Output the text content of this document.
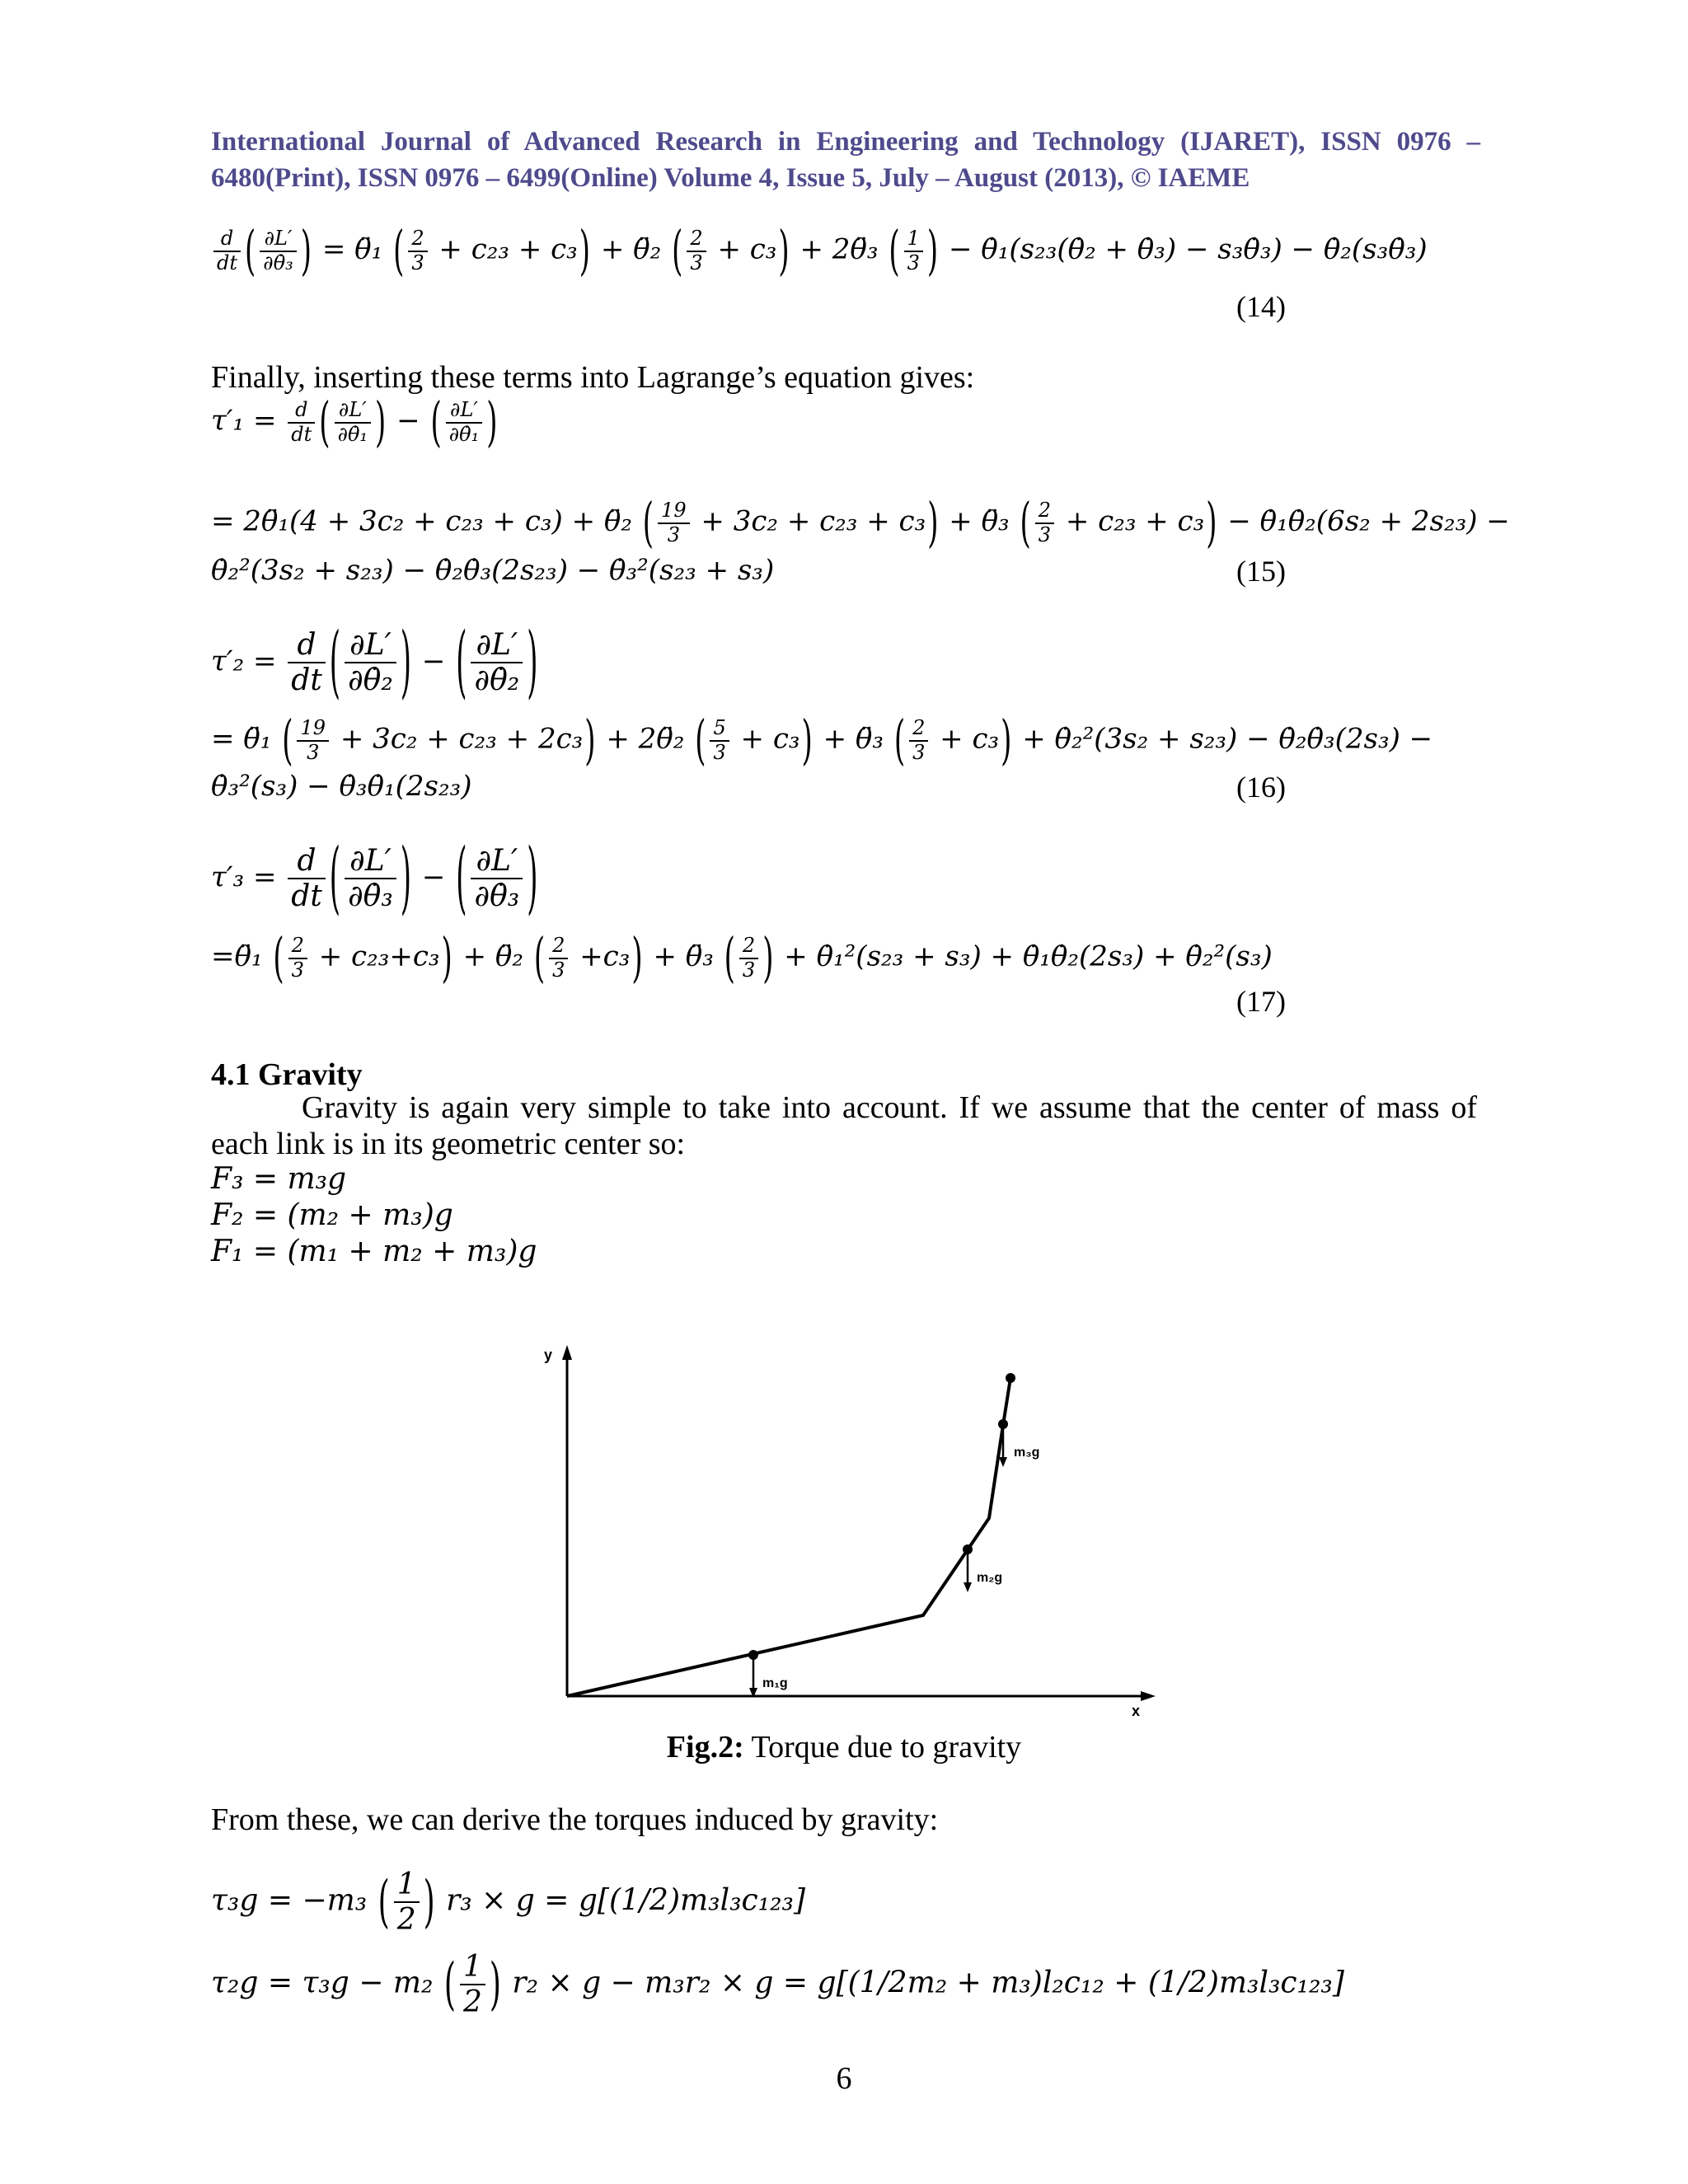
International Journal of Advanced Research in Engineering and Technology (IJARET), ISSN 0976 –
6480(Print), ISSN 0976 – 6499(Online) Volume 4, Issue 5, July – August (2013), © IAEME
$\frac{d}{dt}$ ( $\frac{\partial L'}{\text{∂θ̇₃}}$ ) = θ̈₁ ( $\frac{2}{3} + c_{23} + c_3$) + θ̈₂ ( $\frac{2}{3} + c_3$) + 2θ̈₃ ( $\frac{1}{3}$ ) − θ̇₁(s₂₃(θ̇₂ + θ̇₃) − s₃θ̇₃) − θ̇₂(s₃θ̇₃)
(14)
Finally, inserting these terms into Lagrange’s equation gives:
$\tau'_1 = \frac{d}{dt}$ ( $\frac{\partial L'}{\text{∂θ̇₁}}$ ) − ( $\frac{\partial L'}{\text{∂θ̇₁}}$ )
= 2θ̈₁(4 + 3c₂ + c₂₃ + c₃) + θ̈₂ ( $\frac{19}{3} + 3c_2 + c_{23} + c_3$) + θ̈₃ ( $\frac{2}{3} + c_{23} + c_3$) − θ̇₁θ̇₂(6s₂ + 2s₂₃) −
θ̇₂²(3s₂ + s₂₃) − θ̇₂θ̇₃(2s₂₃) − θ̇₃²(s₂₃ + s₃)	(15)
$\tau'_2 = \frac{d}{dt}$ ( $\frac{\partial L'}{\text{∂θ̇₂}}$ ) − ( $\frac{\partial L'}{\text{∂θ̇₂}}$ )
= θ̈₁ ( $\frac{19}{3} + 3c_2 + c_{23} + 2c_3$) + 2θ̈₂ ( $\frac{5}{3} + c_3$) + θ̈₃ ( $\frac{2}{3} + c_3$) + θ̇₂²(3s₂ + s₂₃) − θ̇₂θ̇₃(2s₃) −
θ̇₃²(s₃) − θ̇₃θ̇₁(2s₂₃)	(16)
$\tau'_3 = \frac{d}{dt}$ ( $\frac{\partial L'}{\text{∂θ̇₃}}$ ) − ( $\frac{\partial L'}{\text{∂θ̇₃}}$ )
=θ̈₁ ( $\frac{2}{3} + c_{23}+c_3$) + θ̈₂ ( $\frac{2}{3} +c_3$) + θ̈₃ ( $\frac{2}{3}$ ) + θ̇₁²(s₂₃ + s₃) + θ̇₁θ̇₂(2s₃) + θ̇₂²(s₃)
(17)
4.1 Gravity
Gravity is again very simple to take into account. If we assume that the center of mass of each link is in its geometric center so:
F₃ = m₃g
F₂ = (m₂ + m₃)g
F₁ = (m₁ + m₂ + m₃)g
y
x
m₁g
m₂g
m₃g
Fig.2: Torque due to gravity
From these, we can derive the torques induced by gravity:
τ₃g = −m₃ ( $\frac{1}{2}$ ) r₃ × g = g[(1/2)m₃l₃c₁₂₃]
τ₂g = τ₃g − m₂ ( $\frac{1}{2}$ ) r₂ × g − m₃r₂ × g = g[(1/2m₂ + m₃)l₂c₁₂ + (1/2)m₃l₃c₁₂₃]
6
